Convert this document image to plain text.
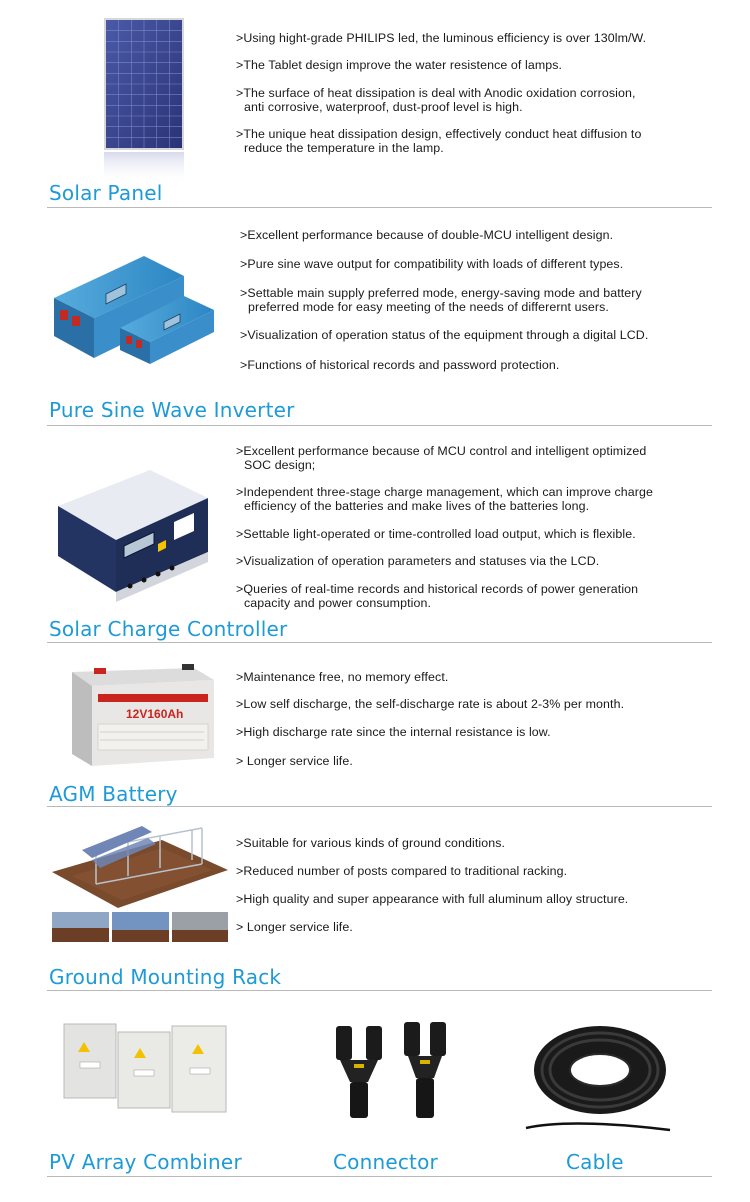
>Using hight-grade PHILIPS led, the luminous efficiency is over 130lm/W.
>The Tablet design improve the water resistence of lamps.
>The surface of heat dissipation is deal with Anodic oxidation corrosion,
anti corrosive, waterproof, dust-proof level is high.
>The unique heat dissipation design, effectively conduct heat diffusion to
reduce the temperature in the lamp.
Solar Panel
>Excellent performance because of double-MCU intelligent design.
>Pure sine wave output for compatibility with loads of different types.
>Settable main supply preferred mode, energy-saving mode and battery
preferred mode for easy meeting of the needs of differernt users.
>Visualization of operation status of the equipment through a digital LCD.
>Functions of historical records and password protection.
Pure Sine Wave Inverter
>Excellent performance because of MCU control and intelligent optimized
SOC design;
>Independent three-stage charge management, which can improve charge
efficiency of the batteries and make lives of the batteries long.
>Settable light-operated or time-controlled load output, which is flexible.
>Visualization of operation parameters and statuses via the LCD.
>Queries of real-time records and historical records of power generation
capacity and power consumption.
Solar Charge Controller
12V160Ah
>Maintenance free, no memory effect.
>Low self discharge, the self-discharge rate is about 2-3% per month.
>High discharge rate since the internal resistance is low.
> Longer service life.
AGM Battery
>Suitable for various kinds of ground conditions.
>Reduced number of posts compared to traditional racking.
>High quality and super appearance with full aluminum alloy structure.
> Longer service life.
Ground Mounting Rack
PV Array Combiner	Connector	Cable
